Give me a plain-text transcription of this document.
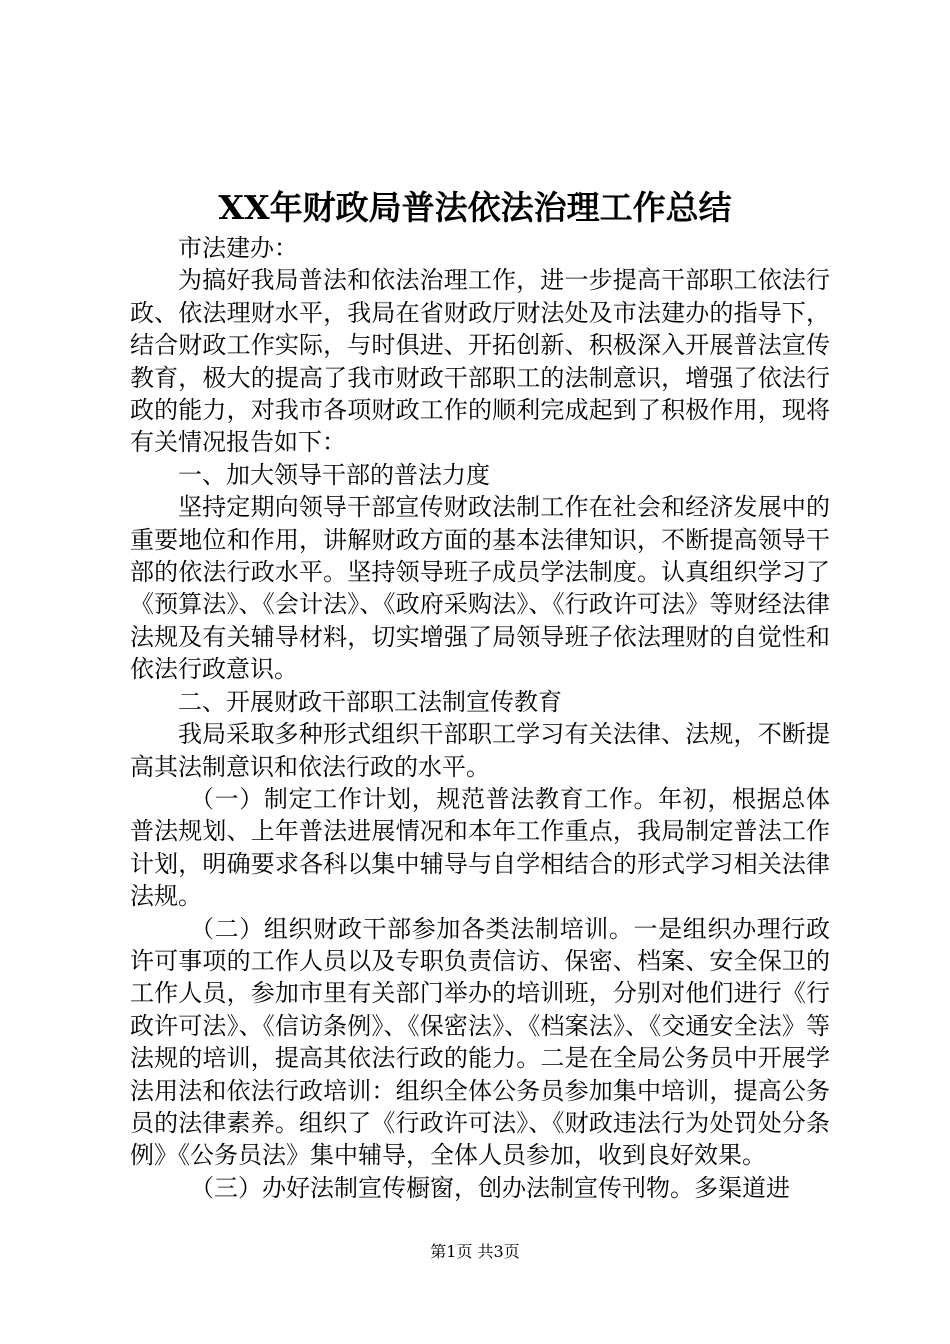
XX年财政局普法依法治理工作总结

市法建办：

为搞好我局普法和依法治理工作，进一步提高干部职工依法行政、依法理财水平，我局在省财政厅财法处及市法建办的指导下，结合财政工作实际，与时俱进、开拓创新、积极深入开展普法宣传教育，极大的提高了我市财政干部职工的法制意识，增强了依法行政的能力，对我市各项财政工作的顺利完成起到了积极作用，现将有关情况报告如下：

一、加大领导干部的普法力度

坚持定期向领导干部宣传财政法制工作在社会和经济发展中的重要地位和作用，讲解财政方面的基本法律知识，不断提高领导干部的依法行政水平。坚持领导班子成员学法制度。认真组织学习了《预算法》、《会计法》、《政府采购法》、《行政许可法》等财经法律法规及有关辅导材料，切实增强了局领导班子依法理财的自觉性和依法行政意识。

二、开展财政干部职工法制宣传教育

我局采取多种形式组织干部职工学习有关法律、法规，不断提高其法制意识和依法行政的水平。

（一）制定工作计划，规范普法教育工作。年初，根据总体普法规划、上年普法进展情况和本年工作重点，我局制定普法工作计划，明确要求各科以集中辅导与自学相结合的形式学习相关法律法规。

（二）组织财政干部参加各类法制培训。一是组织办理行政许可事项的工作人员以及专职负责信访、保密、档案、安全保卫的工作人员，参加市里有关部门举办的培训班，分别对他们进行《行政许可法》、《信访条例》、《保密法》、《档案法》、《交通安全法》等法规的培训，提高其依法行政的能力。二是在全局公务员中开展学法用法和依法行政培训：组织全体公务员参加集中培训，提高公务员的法律素养。组织了《行政许可法》、《财政违法行为处罚处分条例》《公务员法》集中辅导，全体人员参加，收到良好效果。

（三）办好法制宣传橱窗，创办法制宣传刊物。多渠道进

第1页 共3页
